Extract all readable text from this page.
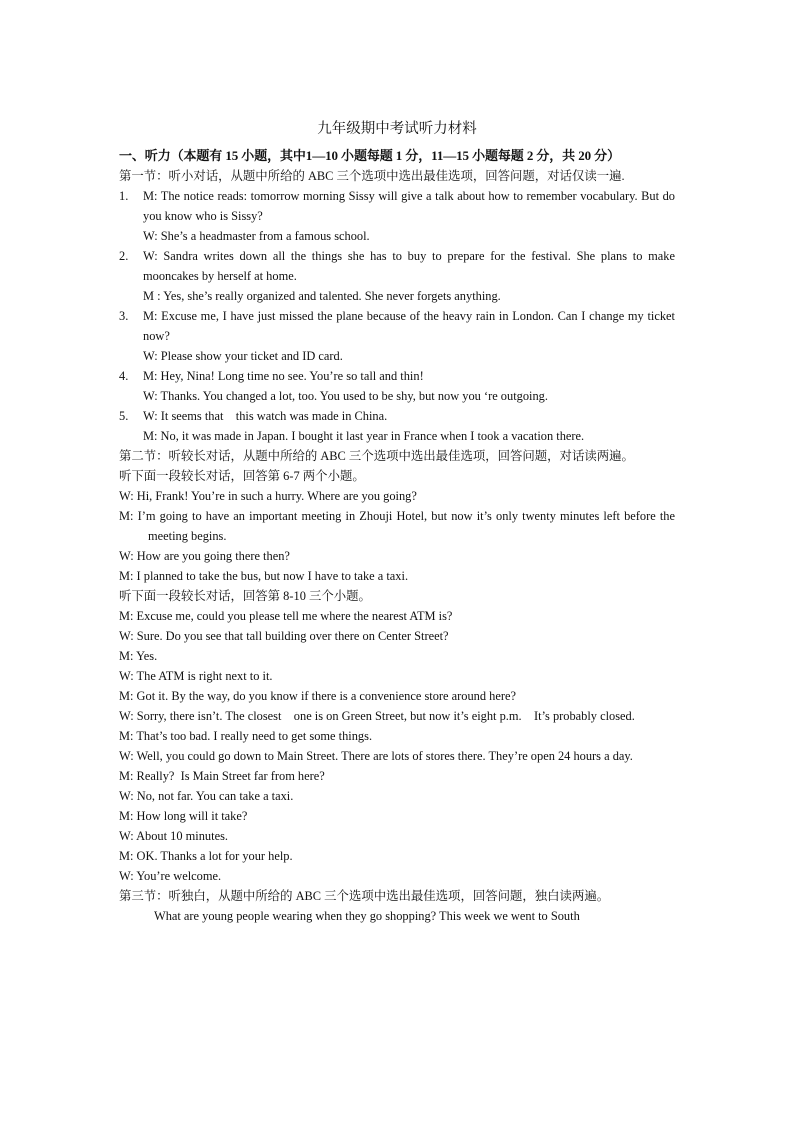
九年级期中考试听力材料
一、听力（本题有 15 小题，其中1—10 小题每题 1 分，11—15 小题每题 2 分，共 20 分）

第一节：听小对话，从题中所给的 ABC 三个选项中选出最佳选项，回答问题，对话仅读一遍.

1. M: The notice reads: tomorrow morning Sissy will give a talk about how to remember vocabulary. But do you know who is Sissy?
W: She’s a headmaster from a famous school.
2. W: Sandra writes down all the things she has to buy to prepare for the festival. She plans to make mooncakes by herself at home.
M : Yes, she’s really organized and talented. She never forgets anything.
3. M: Excuse me, I have just missed the plane because of the heavy rain in London. Can I change my ticket now?
W: Please show your ticket and ID card.
4. M: Hey, Nina! Long time no see. You’re so tall and thin!
W: Thanks. You changed a lot, too. You used to be shy, but now you ‘re outgoing.
5. W: It seems that    this watch was made in China.
M: No, it was made in Japan. I bought it last year in France when I took a vacation there.

第二节：听较长对话，从题中所给的 ABC 三个选项中选出最佳选项，回答问题，对话读两遍。

听下面一段较长对话，回答第 6-7 两个小题。

W: Hi, Frank! You’re in such a hurry. Where are you going?
M: I’m going to have an important meeting in Zhouji Hotel, but now it’s only twenty minutes left before the meeting begins.
W: How are you going there then?
M: I planned to take the bus, but now I have to take a taxi.

听下面一段较长对话，回答第 8-10 三个小题。

M: Excuse me, could you please tell me where the nearest ATM is?
W: Sure. Do you see that tall building over there on Center Street?
M: Yes.
W: The ATM is right next to it.
M: Got it. By the way, do you know if there is a convenience store around here?
W: Sorry, there isn’t. The closest    one is on Green Street, but now it’s eight p.m.    It’s probably closed.
M: That’s too bad. I really need to get some things.
W: Well, you could go down to Main Street. There are lots of stores there. They’re open 24 hours a day.
M: Really?  Is Main Street far from here?
W: No, not far. You can take a taxi.
M: How long will it take?
W: About 10 minutes.
M: OK. Thanks a lot for your help.
W: You’re welcome.

第三节：听独白，从题中所给的 ABC 三个选项中选出最佳选项，回答问题，独白读两遍。

What are young people wearing when they go shopping? This week we went to South
